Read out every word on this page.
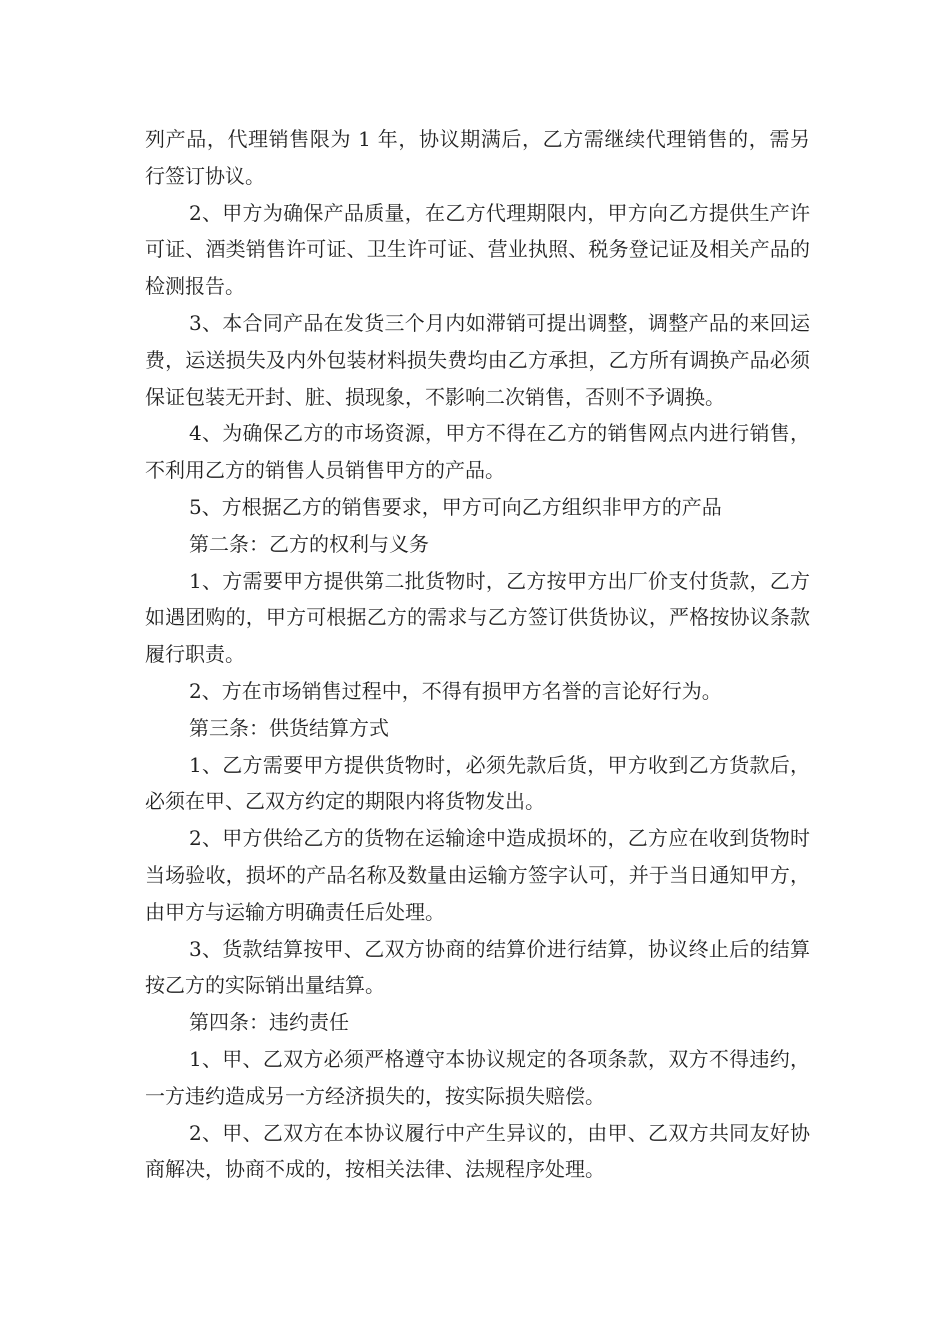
列产品，代理销售限为 1 年，协议期满后，乙方需继续代理销售的，需另行签订协议。

2、甲方为确保产品质量，在乙方代理期限内，甲方向乙方提供生产许可证、酒类销售许可证、卫生许可证、营业执照、税务登记证及相关产品的检测报告。

3、本合同产品在发货三个月内如滞销可提出调整，调整产品的来回运费，运送损失及内外包装材料损失费均由乙方承担，乙方所有调换产品必须保证包装无开封、脏、损现象，不影响二次销售，否则不予调换。

4、为确保乙方的市场资源，甲方不得在乙方的销售网点内进行销售，不利用乙方的销售人员销售甲方的产品。

5、方根据乙方的销售要求，甲方可向乙方组织非甲方的产品

第二条：乙方的权利与义务

1、方需要甲方提供第二批货物时，乙方按甲方出厂价支付货款，乙方如遇团购的，甲方可根据乙方的需求与乙方签订供货协议，严格按协议条款履行职责。

2、方在市场销售过程中，不得有损甲方名誉的言论好行为。

第三条：供货结算方式

1、乙方需要甲方提供货物时，必须先款后货，甲方收到乙方货款后，必须在甲、乙双方约定的期限内将货物发出。

2、甲方供给乙方的货物在运输途中造成损坏的，乙方应在收到货物时当场验收，损坏的产品名称及数量由运输方签字认可，并于当日通知甲方，由甲方与运输方明确责任后处理。

3、货款结算按甲、乙双方协商的结算价进行结算，协议终止后的结算按乙方的实际销出量结算。

第四条：违约责任

1、甲、乙双方必须严格遵守本协议规定的各项条款，双方不得违约，一方违约造成另一方经济损失的，按实际损失赔偿。

2、甲、乙双方在本协议履行中产生异议的，由甲、乙双方共同友好协商解决，协商不成的，按相关法律、法规程序处理。
